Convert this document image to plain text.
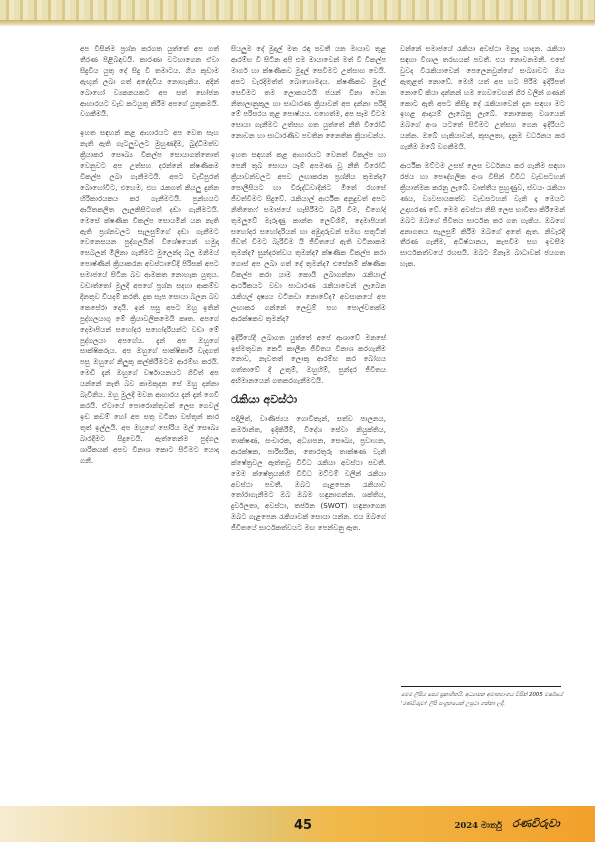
අප විසින්ම ප්‍රශ්න කරගත යුත්තේ අප ගත් තීරණ පිළිබඳවයි. කාරණා වටහාගෙන ඒවා සිදුවිය යුතු දේ සිදු වී තමාටය. ගීය කුඩාම ඇඟුන් ලබා ගත් අදේදවිය නොහැකිය. අදින් බොහෝ ව්‍යකනයකට අප සත් භෝජන ආහාරයට වැඩ කටයුතු කිරීම අපගේ යුතුකමයි. වගකීමයි.

ඉහත සඳහන් කළ ආහාරයට අප වෙත සැහ නැති ඇති ගැටලුවලට මුහුණදීම, බුද්ධිමත්ව ක්‍රියාකර සෞඛ්‍ය විකල්ප සොයාගත්තොත් වෙනුවට අප උත්සහ දරන්නේ ක්ෂණිකම විකල්ප ලබා ගැනීමටයි. අපට වැඩිපුරත් බොහෝවිට, එහෙම, එහ රැකගත් කියලු දුන්න හිරිකාරයකය කර ගැනීමටයි. පුන්හයට ආයිතකලිත ලැලකිසිටගත් දඬා ගැනීමටයි. මෙසේ ක්ෂණික විකල්ප සොයමින් යන නැති ඇති ප්‍රශ්නවලට සැලසුම්ගේ දඬා ගැනීමට වෙනෙසයන පුද්ගලයින් විශේෂයෙන් හමුදා සෙබලන් මිලිනා ගැනීමට මුලෙන්ද බල මනිමය් පොෂ්ණින් ක්‍රියාකරන අවස්ථාවේදී පිරිසක් අපට සමාජයේ සිටින බව ආමකත නොහැක යුතුය. වඩාත්තෝ මුලදී අපගේ ප්‍රශ්න සදහා ආකම්ව දීනතුව වියදම් කරති. දුක සැප සොයා බලන බව කෙසේරා දෙයි. ඉන් පසු අපට ඔහු ඉතින් පුද්ගලයාගු මේ ක්‍රියාවලිකමෙයි කෘත. අපගේ දෙමාපියන් සහෝදර සහෝදරියන්ට වඩා මේ පුද්ගලයා අපගේය. දැන් අප ඔහුගේ සාක්ෂිකරුය. අප ඔහුගේ සාක්ෂිකාරී වැදගත් පසු ඔහුගේ නිලුකු කල්කිරීමටම ආරම්භ කරයි. මෙඩි දැන් ඔහුගේ වර්ෂායනයට ගිවිත් අප යන්නේ නැති බව කාමකුදන සේ ඔහු දන්නා බැවිනිය. ඔහු මුලදී මවන ආහාරය දැන් දැන් ගෙවී කරයි. ඒවායේ පොරොන්තුවක් ලෙස ගෙවල් ඉඩ කඩම් හෝ අප සතු වටිනා වස්තූන් කාර තුත් ඉල්ලයි. අප ඔහුගේ පෝරිය මල් සෞඛ්‍ය බාරදීමට සිදුවෙයි. ඇත්තෙන්ම පුද්ගල ශාරිකයක් අපව විනාශ කොට සිටීමට යොදා ගනී.

සියලුම දේ මුදල් මත රඳා පවතී යන මායාව තුළ ආරම්භ වී සිටින අපි එම මායාවෙන් මත් වී විකල්ප මාර්ග හා ක්ෂණිකව මුදල් සෙවීමට උත්සාහ වෙයි. අපට වැරදිමත්ත් බොහොමදය. ක්ෂණිකව මුදල් සෙවීමට තම ලොකයටයි ජයන් විනා වෙන නිතාලානුකූල හා සාධාරණ ක්‍රියාවන් අප දන්නා පරිදි මේ පරිසරය තුළ පොෂ්යය. එහෙත්ම, අප සෑම විටම සොයා ගැනීමට උත්සහ ගත යුත්තේ නීති විරෝධී නොවන හා සාධාරණිව පවතින නෛතික ක්‍රියාවන්ය.

ඉහත සඳහන් කළ ආහාරයට වෙනත් විකල්ප හා පෙනී තුබ සොයා යෑම් අපමණ වූ නීති විරෝධී ක්‍රියාවන්වලට අපව ලඟාකරන ප්‍රශ්නිය තුමන්ද? පොලීසියට හා විරුද්ධවාදීන්ට මිතේ රහසේ ජීවත්වීමට සිදුවේ. රැකියාල් ආර්ථික අනුදුවත් අපට නිතිතෙෆ් සමාජයේ හැසිරීමට බැරි වීම, ඩිගෝද් තුමලූවේ මැරුණු කාන්ත ලෙව්ශිම්, දෙමාපියන් සහෝදර සහෝදරියන් හා අඹුදරුවන් සමඟ සතුටින් ජීවත් වීමට බැරිවීම යි ජීවිතයේ ඇති වටිනාකම තුමන්ද? සුන්දරත්වය තුමන්ද? ක්ෂණික විකල්ප කරා ගොස් අප ලබා ගත් දේ තුමන්ද? එසේනම් ක්ෂණික විකල්ප කරා යාම කොයි ලබාගන්නා රැකියාල් ආර්ථිකයට වඩා සාධාරණ රැකියාවෙන් ලැබෙන රැකියල් දෘෂ්‍යය වටිනවා නොවේද? අවසානයේ අප ලඟාකර ගන්නේ ලෙඩුම් සහ පොල්වතක්ම ආරක්ෂකව තුමන්ද?

ඉදිරියේදී ලබාගත යුත්තේ අපේ ආශාවේ මනසේ ඉස්මතුවන කෙටි කාලීන ජීවිතය විනාශ කරගැනීම නොව, නැවතත් ලොකු ආරම්භ කර බෝගය ගත්තාවේ දී උතුම්, ඔහුහිම්, සුන්දර ජීවිතය අභිමානයෙන් ගතකරගැනීමටයි.

රැකියා අවස්ථා

පදිලිත්, වාණිජ්‍යය ගොවිතැන්, සත්ව පාලනය, කර්මාන්ත, ඉදිකිරීම්, විදේශ සේවා නියුක්තිය, තාක්ෂණ, සංචාරක, අධ්‍යාපන, සෞඛ්‍ය, ප්‍රවාහන, ආරක්ෂක, පාරිසරික, තොරතුරු තාක්ෂණ වැනි ක්ෂේත්‍රවල ඇත්තවූ විවිධ රැකියා අවස්ථා පවතී. මෙම ක්ෂේත්‍රයන්හි විවිධ මට්ටම් වලින් රැකියා අවස්ථා පවතී. ඔබට ගැළපෙන රැකියාව තෝරාගැනීමට ඔබ ඔබම හඳුනාගන්න. ශක්තිය, දුර්වලතා, අවස්ථා, තර්ජන (SWOT) හඳුනාගෙන ඔබට ගැළපෙන රැකියාවක් සොයා යන්න. එය ඔබගේ ජීවිතයේ සාර්ථකත්වයට මඟ පෙන්වනු ඇත.

වන්නේ සමාජයේ රැකියා අවස්ථා මනුදෑ හාදන. රැකියා සඳහා විශාල තරඟයක් පවතී. එය නොවනමනී. එසේ වුවද විරැකියාවෙන් පෙලෙනවුන්ගේ සංඛ්‍යාවට ඔය ඇතුළත් නොවේ. මෙහි යත් අප හට පිරීම ඉදිරිපත් නොවේ කියා දන්නන් හම ගෙවවෙහන් ගිර වලින් ගණන් කොට ඇති අපට කිසිදු දේ රැකියාවෙන් දැන සඳහා මට ඉහළ ආදායම් ලැබෙනු ලැබේ. නොකෙතු වශයෙන් ඔබගේ අංශ යටතේ සිටීමට උත්සහ ගෙන ඉදිරියට යන්න. ඔබේ හැකියාවන්, කුසලතා, දැනුම වර්ධනය කර ගැනීම ඔබේ වගකීමයි.

ආර්ථික මට්ටම උසස් ලෙස වර්ධනය කර ගැනීම සඳහා රජය හා පෞද්ගලික අංශ විසින් විවිධ වැඩසටහන් ක්‍රියාත්මක කරනු ලැබේ. වෘත්තීය පුහුණුව, ස්වයං රැකියා ණය, ව්‍යවසායකත්ව වැඩසටහන් වැනි දෑ මෙයට උදාහරණ වේ. මෙම අවස්ථා නිසි ලෙස භාවිතා කිරීමෙන් ඔබට ඔබගේ ජීවිතය සාර්ථක කර ගත හැකිය. ඔබගේ අනාගතය සැලසුම් කිරීම ඔබගේ අතේ ඇත. නිවැරදි තීරණ ගැනීම, අධිෂ්ඨානය, කැපවීම සහ ඉවසීම සාර්ථකත්වයේ රහසයි. ඔබට ඕනෑම බාධාවක් ජයගත හැක.

මෙම ලිපිය පෙර ප්‍රකාශිතයි. අධ්‍යාපන අමාත්‍යාංශය විසින් 2005 වර්ෂයේ 'රණවිරුවා' ලිපි සංග්‍රහයෙන් උපුටා ගන්නා ලදී.
45	2024 මාර්තු රණවිරුවා
